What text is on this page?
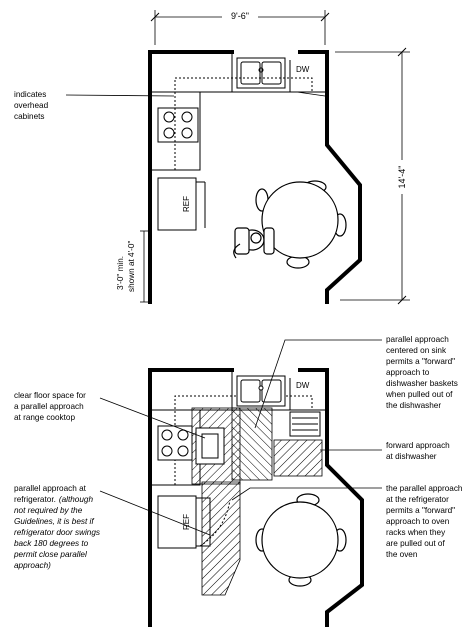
9'-6"
14'-4"
DW
REF
3'-0" min. shown at 4'-0"
indicates
overhead
cabinets
DW
REF
clear floor space for
a parallel approach
at range cooktop
parallel approach
centered on sink
permits a "forward"
approach to
dishwasher baskets
when pulled out of
the dishwasher
forward approach
at dishwasher
parallel approach at
refrigerator. (although
not required by the
Guidelines, it is best if
refrigerator door swings
back 180 degrees to
permit close parallel
approach)
the parallel approach
at the refrigerator
permits a "forward"
approach to oven
racks when they
are pulled out of
the oven
